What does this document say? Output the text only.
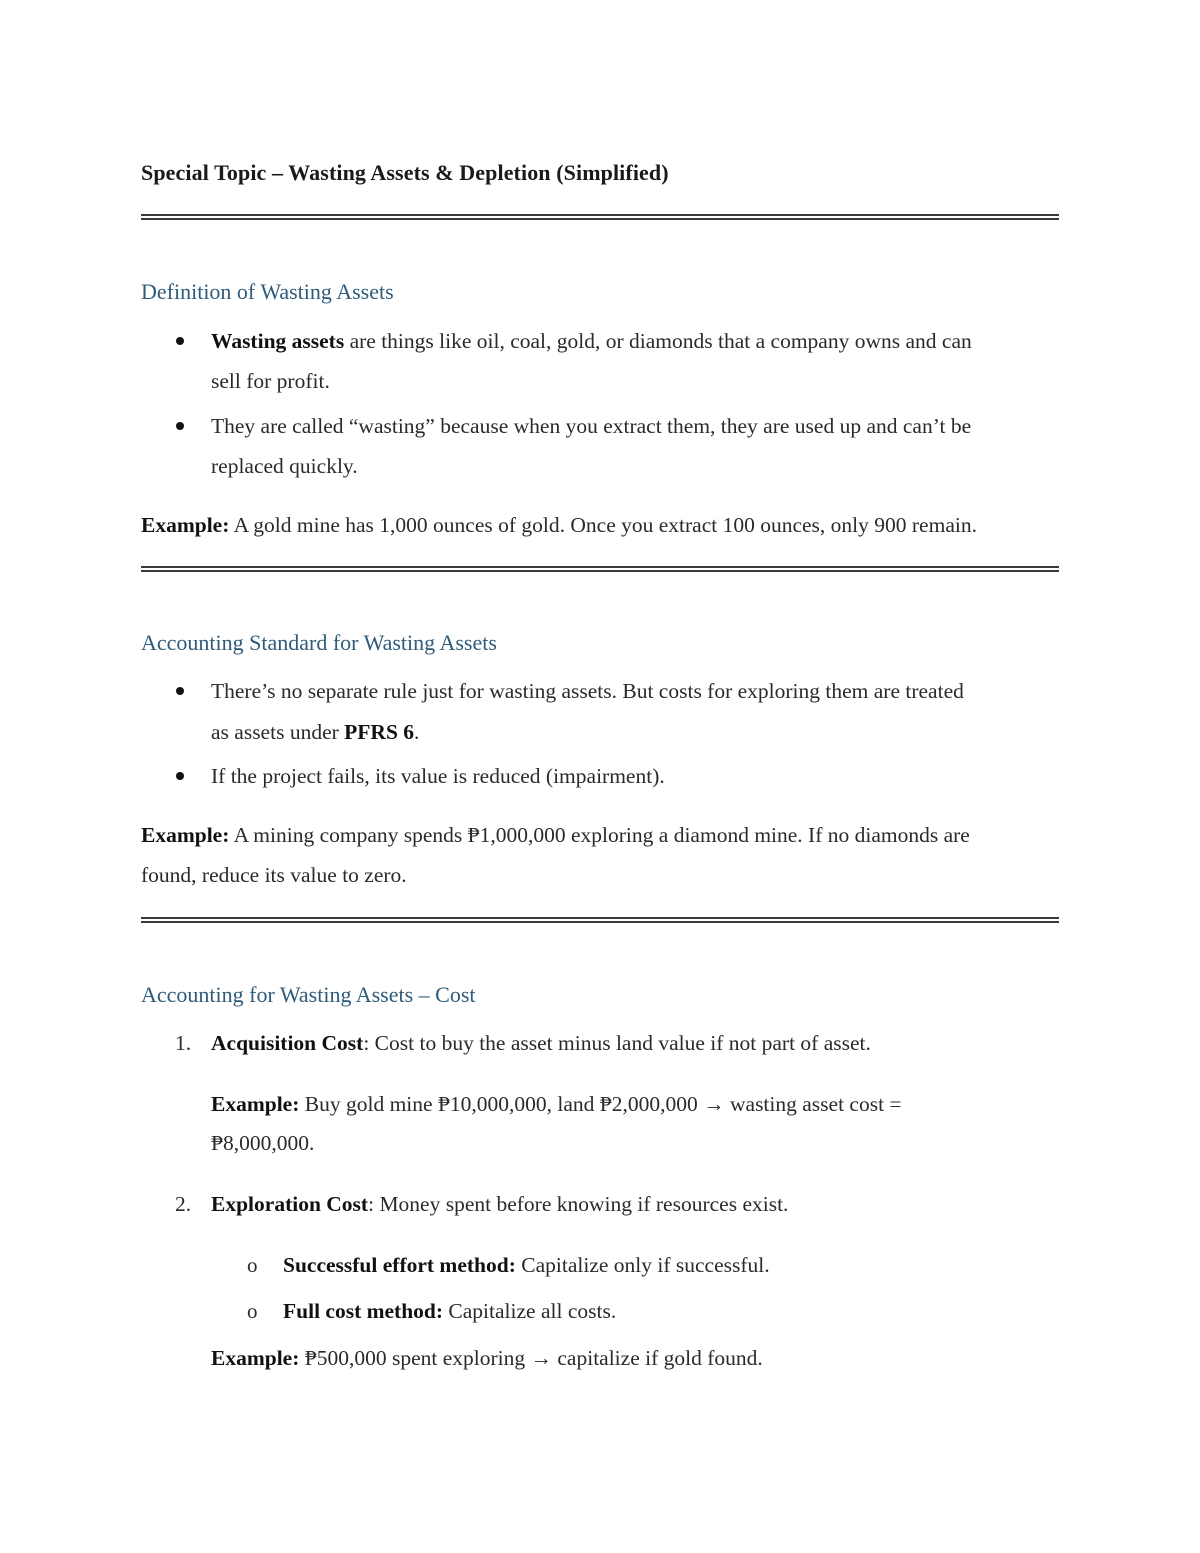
Special Topic – Wasting Assets & Depletion (Simplified)

Definition of Wasting Assets

Wasting assets are things like oil, coal, gold, or diamonds that a company owns and can

sell for profit.

They are called “wasting” because when you extract them, they are used up and can’t be

replaced quickly.

Example: A gold mine has 1,000 ounces of gold. Once you extract 100 ounces, only 900 remain.

Accounting Standard for Wasting Assets

There’s no separate rule just for wasting assets. But costs for exploring them are treated

as assets under PFRS 6.

If the project fails, its value is reduced (impairment).

Example: A mining company spends ₱1,000,000 exploring a diamond mine. If no diamonds are

found, reduce its value to zero.

Accounting for Wasting Assets – Cost

1. Acquisition Cost: Cost to buy the asset minus land value if not part of asset.

Example: Buy gold mine ₱10,000,000, land ₱2,000,000 → wasting asset cost =

₱8,000,000.

2. Exploration Cost: Money spent before knowing if resources exist.

o Successful effort method: Capitalize only if successful.

o Full cost method: Capitalize all costs.

Example: ₱500,000 spent exploring → capitalize if gold found.
